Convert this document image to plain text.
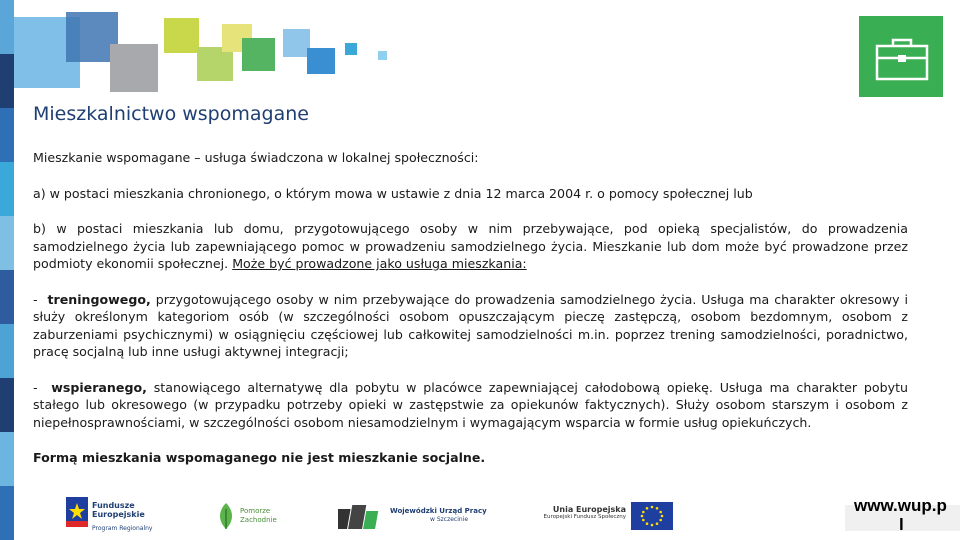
Mieszkalnictwo wspomagane

Mieszkanie wspomagane – usługa świadczona w lokalnej społeczności:

a) w postaci mieszkania chronionego, o którym mowa w ustawie z dnia 12 marca 2004 r. o pomocy społecznej lub

b) w postaci mieszkania lub domu, przygotowującego osoby w nim przebywające, pod opieką specjalistów, do prowadzenia samodzielnego życia lub zapewniającego pomoc w prowadzeniu samodzielnego życia. Mieszkanie lub dom może być prowadzone przez podmioty ekonomii społecznej. Może być prowadzone jako usługa mieszkania:

- treningowego, przygotowującego osoby w nim przebywające do prowadzenia samodzielnego życia. Usługa ma charakter okresowy i służy określonym kategoriom osób (w szczególności osobom opuszczającym pieczę zastępczą, osobom bezdomnym, osobom z zaburzeniami psychicznymi) w osiągnięciu częściowej lub całkowitej samodzielności m.in. poprzez trening samodzielności, poradnictwo, pracę socjalną lub inne usługi aktywnej integracji;

- wspieranego, stanowiącego alternatywę dla pobytu w placówce zapewniającej całodobową opiekę. Usługa ma charakter pobytu stałego lub okresowego (w przypadku potrzeby opieki w zastępstwie za opiekunów faktycznych). Służy osobom starszym i osobom z niepełnosprawnościami, w szczególności osobom niesamodzielnym i wymagającym wsparcia w formie usług opiekuńczych.

Formą mieszkania wspomaganego nie jest mieszkanie socjalne.

Fundusze
Europejskie
Program Regionalny
Pomorze
Zachodnie
Wojewódzki Urząd Pracy
w Szczecinie
Unia Europejska
Europejski Fundusz Społeczny
www.wup.p
l
